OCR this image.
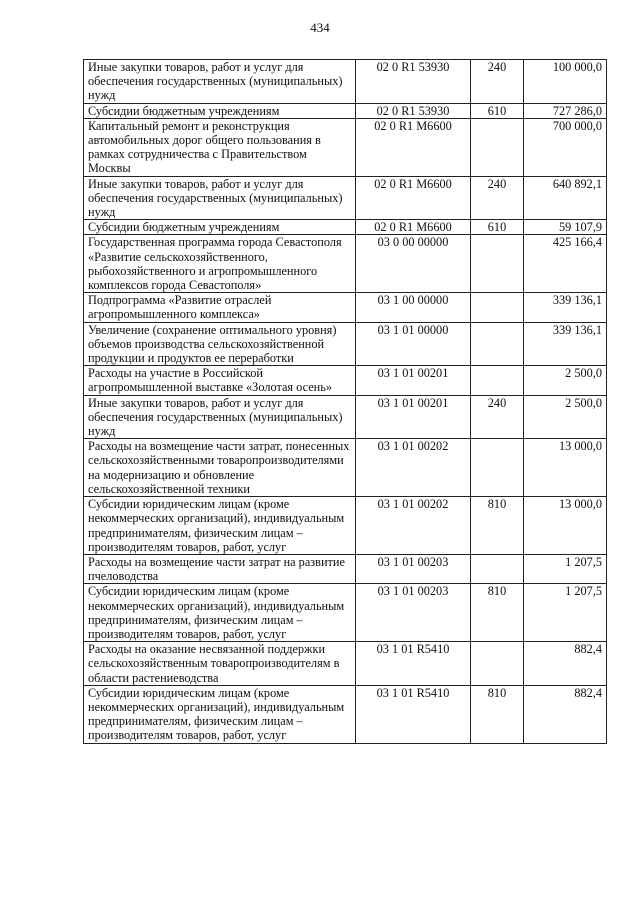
434
Иные закупки товаров, работ и услуг для обеспечения государственных (муниципальных) нужд	02 0 R1 53930	240	100 000,0
Субсидии бюджетным учреждениям	02 0 R1 53930	610	727 286,0
Капитальный ремонт и реконструкция автомобильных дорог общего пользования в рамках сотрудничества с Правительством Москвы	02 0 R1 M6600		700 000,0
Иные закупки товаров, работ и услуг для обеспечения государственных (муниципальных) нужд	02 0 R1 M6600	240	640 892,1
Субсидии бюджетным учреждениям	02 0 R1 M6600	610	59 107,9
Государственная программа города Севастополя «Развитие сельскохозяйственного, рыбохозяйственного и агропромышленного комплексов города Севастополя»	03 0 00 00000		425 166,4
Подпрограмма «Развитие отраслей агропромышленного комплекса»	03 1 00 00000		339 136,1
Увеличение (сохранение оптимального уровня) объемов производства сельскохозяйственной продукции и продуктов ее переработки	03 1 01 00000		339 136,1
Расходы на участие в Российской агропромышленной выставке «Золотая осень»	03 1 01 00201		2 500,0
Иные закупки товаров, работ и услуг для обеспечения государственных (муниципальных) нужд	03 1 01 00201	240	2 500,0
Расходы на возмещение части затрат, понесенных сельскохозяйственными товаропроизводителями на модернизацию и обновление сельскохозяйственной техники	03 1 01 00202		13 000,0
Субсидии юридическим лицам (кроме некоммерческих организаций), индивидуальным предпринимателям, физическим лицам – производителям товаров, работ, услуг	03 1 01 00202	810	13 000,0
Расходы на возмещение части затрат на развитие пчеловодства	03 1 01 00203		1 207,5
Субсидии юридическим лицам (кроме некоммерческих организаций), индивидуальным предпринимателям, физическим лицам – производителям товаров, работ, услуг	03 1 01 00203	810	1 207,5
Расходы на оказание несвязанной поддержки сельскохозяйственным товаропроизводителям в области растениеводства	03 1 01 R5410		882,4
Субсидии юридическим лицам (кроме некоммерческих организаций), индивидуальным предпринимателям, физическим лицам – производителям товаров, работ, услуг	03 1 01 R5410	810	882,4
